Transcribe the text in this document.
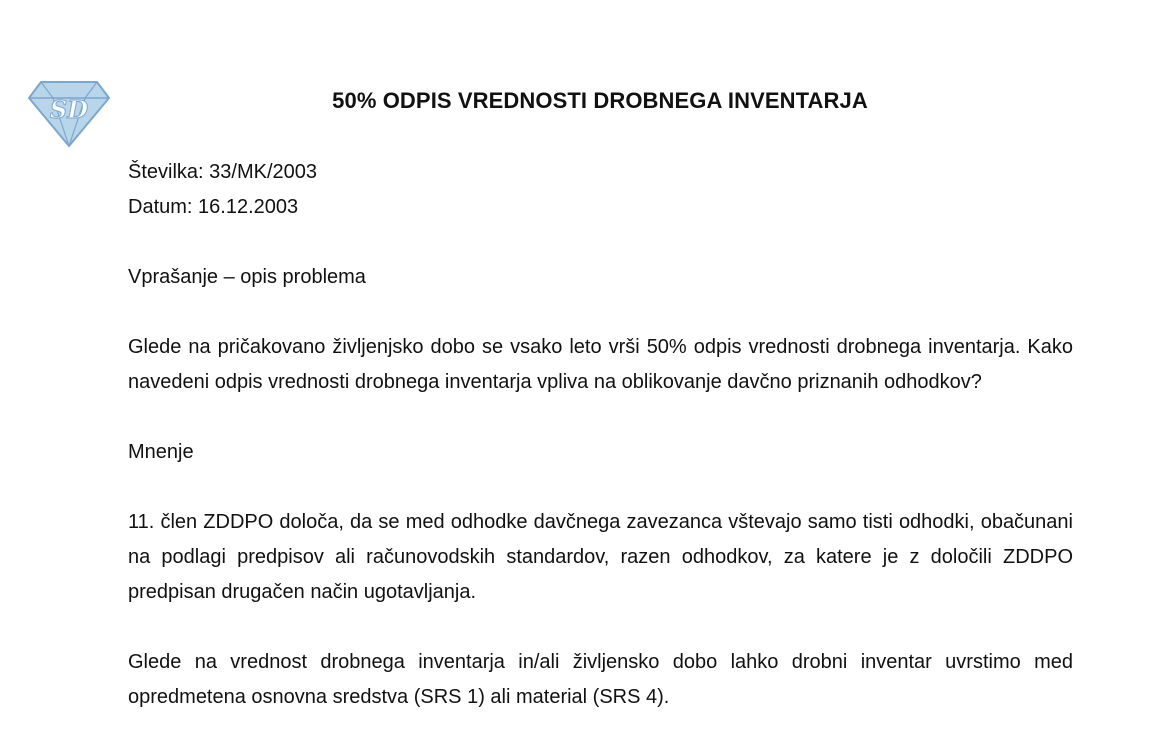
SD	50% ODPIS VREDNOSTI DROBNEGA INVENTARJA

Številka: 33/MK/2003

Datum: 16.12.2003

Vprašanje – opis problema

Glede na pričakovano življenjsko dobo se vsako leto vrši 50% odpis vrednosti drobnega inventarja. Kako navedeni odpis vrednosti drobnega inventarja vpliva na oblikovanje davčno priznanih odhodkov?

Mnenje

11. člen ZDDPO določa, da se med odhodke davčnega zavezanca vštevajo samo tisti odhodki, obačunani na podlagi predpisov ali računovodskih standardov, razen odhodkov, za katere je z določili ZDDPO predpisan drugačen način ugotavljanja.

Glede na vrednost drobnega inventarja in/ali življensko dobo lahko drobni inventar uvrstimo med opredmetena osnovna sredstva (SRS 1) ali material (SRS 4).
